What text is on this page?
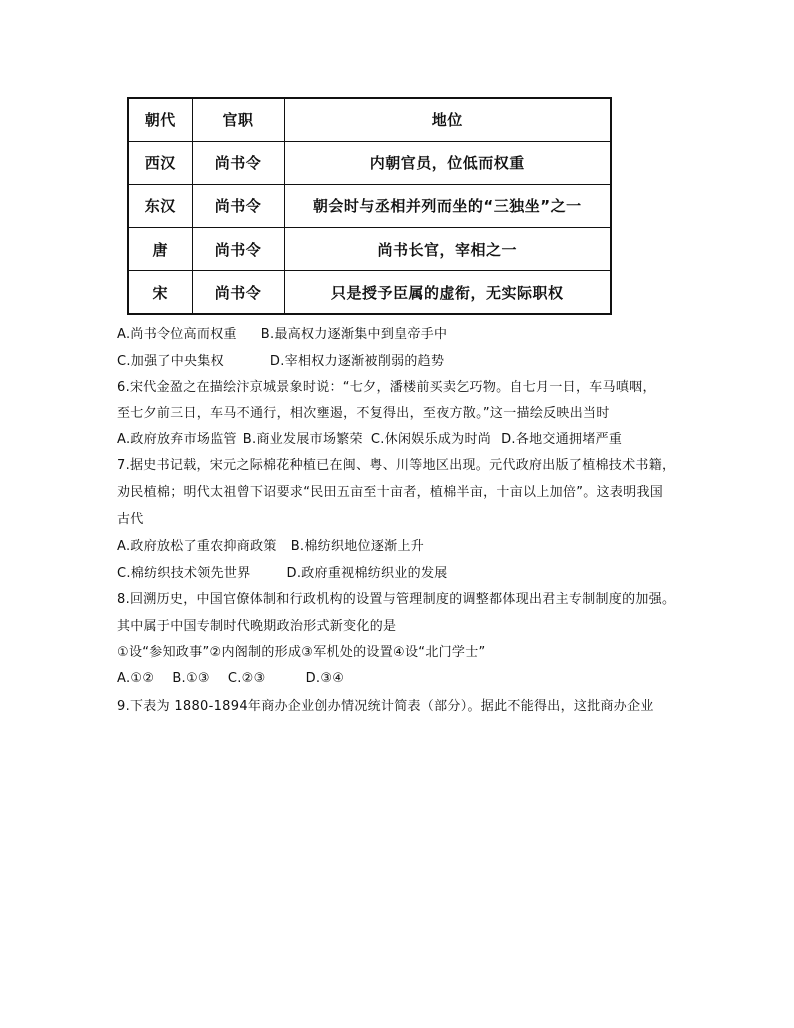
朝代	官职	地位
西汉	尚书令	内朝官员，位低而权重
东汉	尚书令	朝会时与丞相并列而坐的“三独坐”之一
唐	尚书令	尚书长官，宰相之一
宋	尚书令	只是授予臣属的虚衔，无实际职权
A.尚书令位高而权重 B.最高权力逐渐集中到皇帝手中
C.加强了中央集权	D.宰相权力逐渐被削弱的趋势
6.宋代金盈之在描绘汴京城景象时说：“七夕，潘楼前买卖乞巧物。自七月一日，车马嗔咽，
至七夕前三日，车马不通行，相次壅遏，不复得出，至夜方散。”这一描绘反映出当时
A.政府放弃市场监管 B.商业发展市场繁荣 C.休闲娱乐成为时尚 D.各地交通拥堵严重
7.据史书记载，宋元之际棉花种植已在闽、粤、川等地区出现。元代政府出版了植棉技术书籍，
劝民植棉；明代太祖曾下诏要求“民田五亩至十亩者，植棉半亩，十亩以上加倍”。这表明我国
古代
A.政府放松了重农抑商政策 B.棉纺织地位逐渐上升
C.棉纺织技术领先世界	D.政府重视棉纺织业的发展
8.回溯历史，中国官僚体制和行政机构的设置与管理制度的调整都体现出君主专制制度的加强。
其中属于中国专制时代晚期政治形式新变化的是
①设“参知政事”②内阁制的形成③军机处的设置④设“北门学士”
A.①② B.①③ C.②③	D.③④
9.下表为 1880-1894年商办企业创办情况统计简表（部分）。据此不能得出，这批商办企业
